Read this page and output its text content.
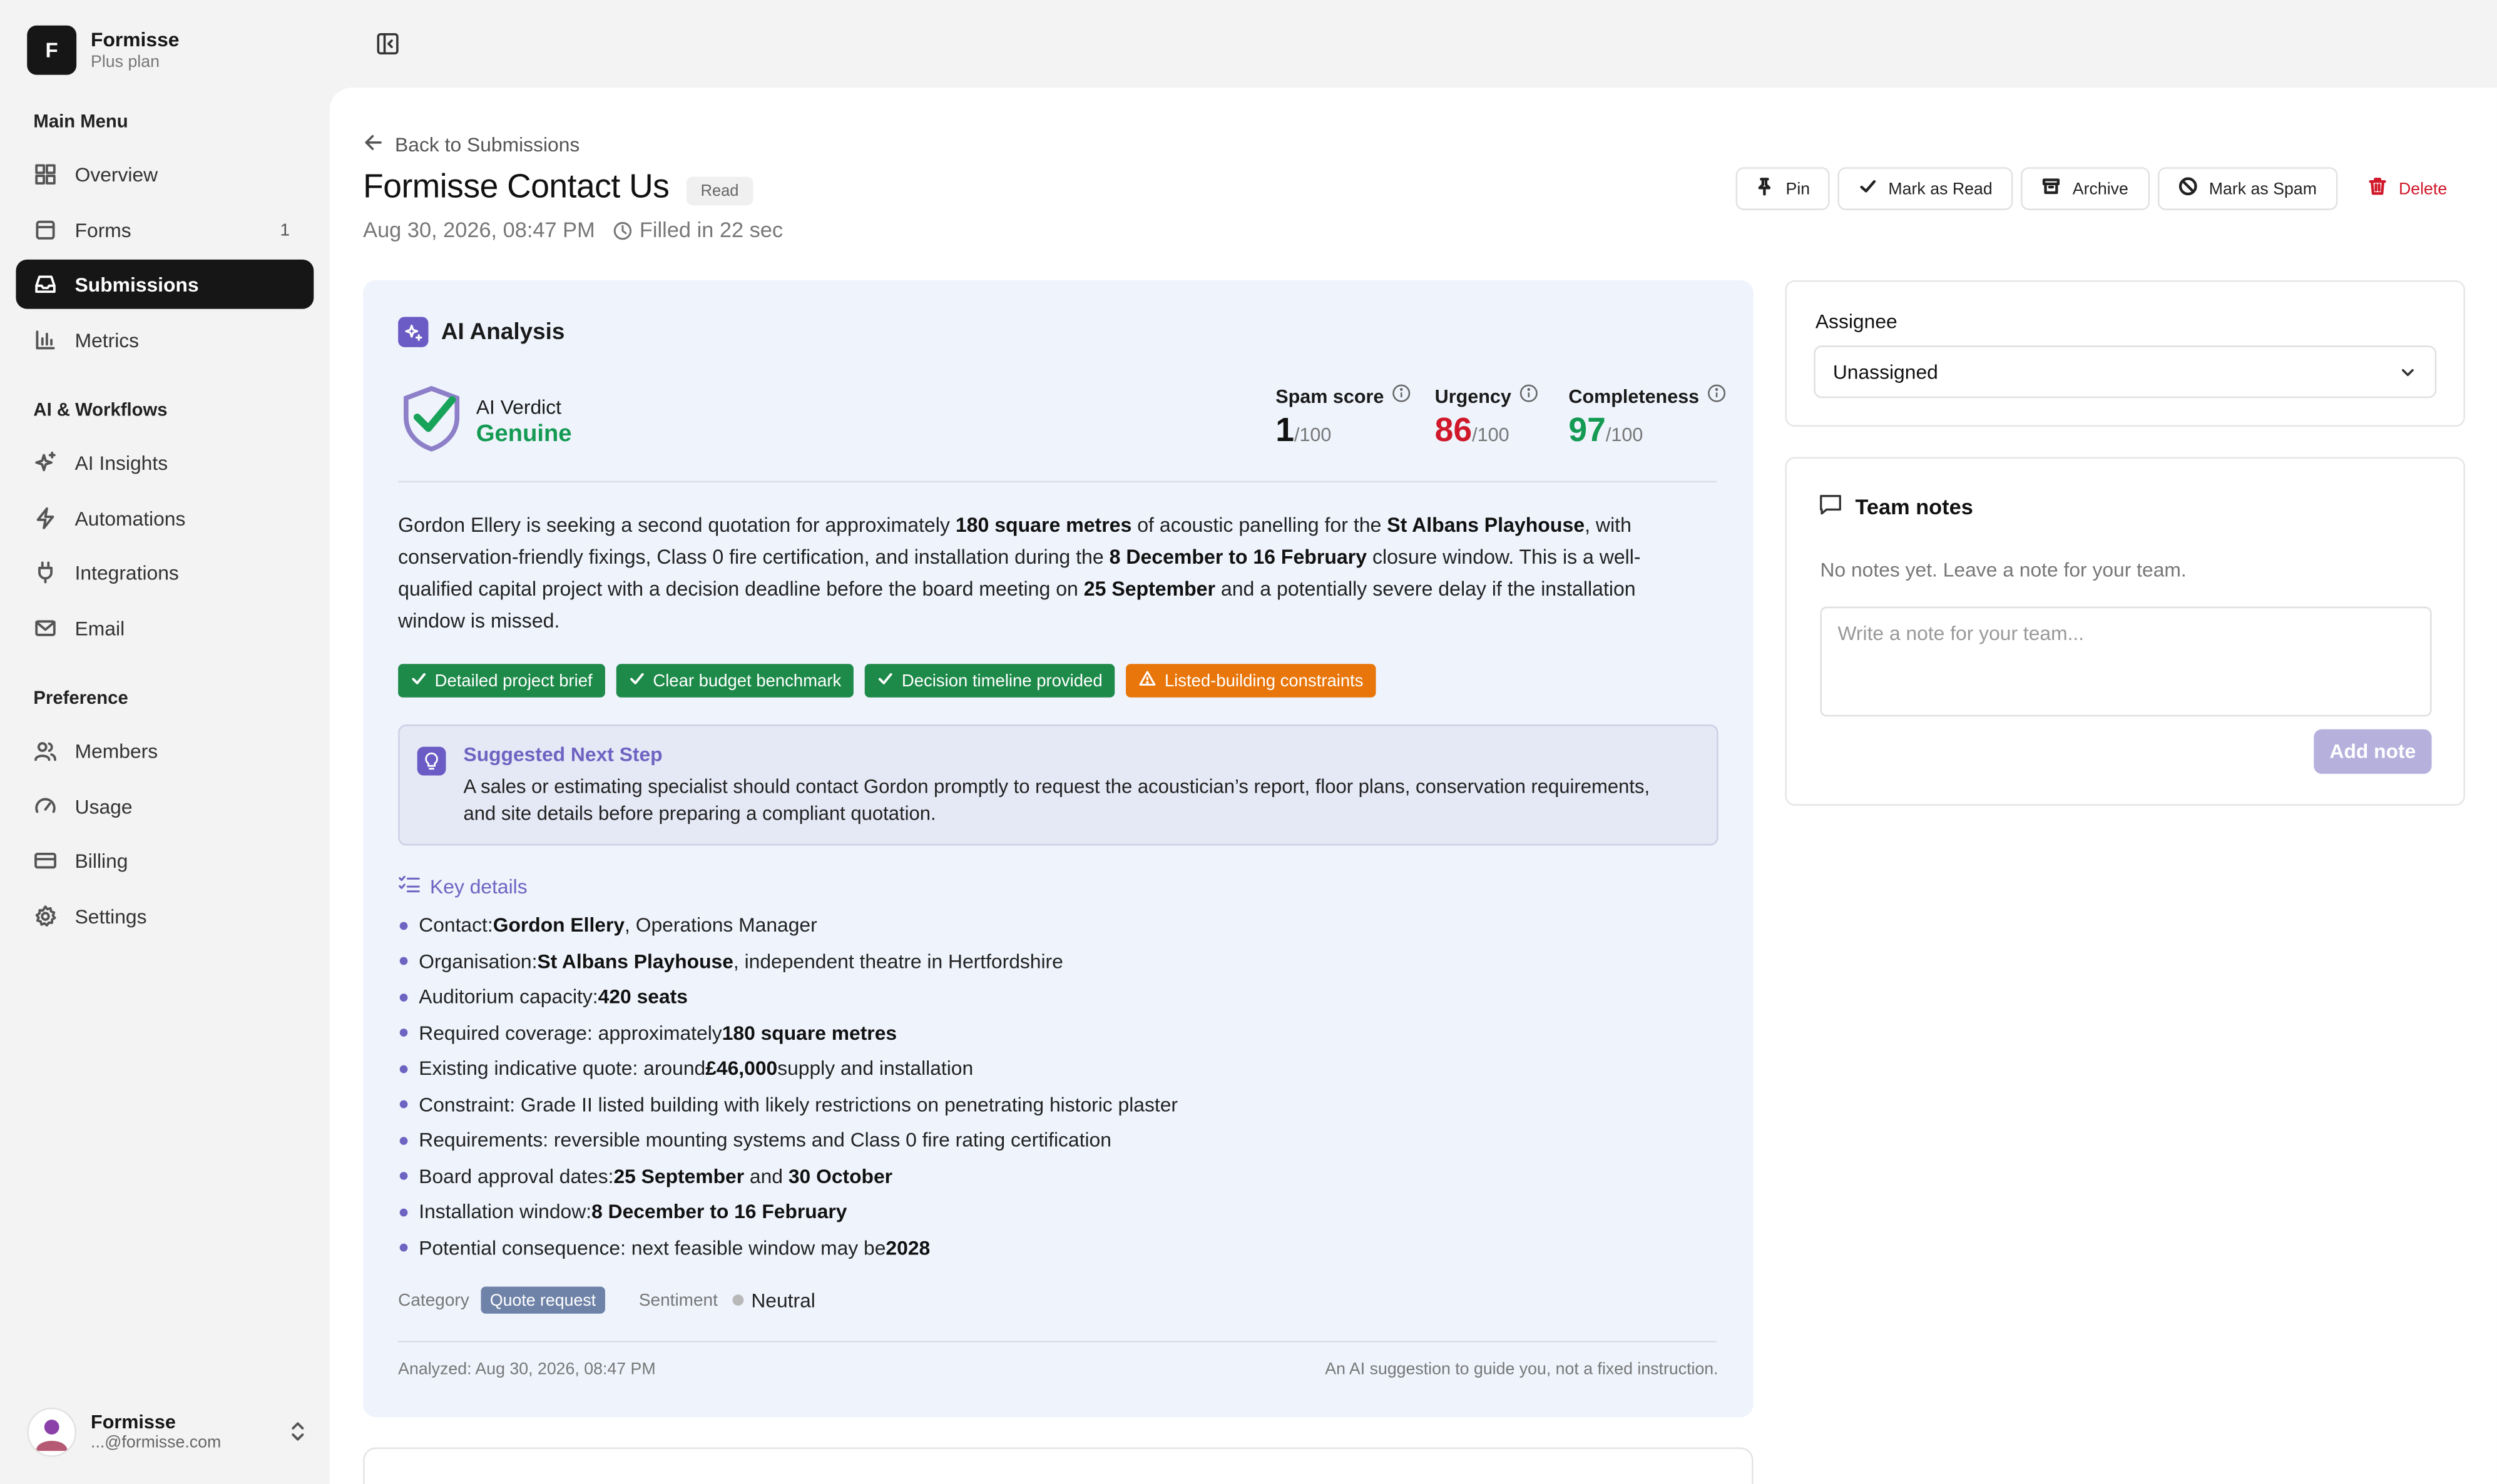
F	Formisse
Plus plan
Main Menu
Overview
Forms	1
Submissions
Metrics
AI & Workflows
AI Insights
Automations
Integrations
Email
Preference
Members
Usage
Billing
Settings
Formisse
...@formisse.com
Back to Submissions
Formisse Contact Us	Read
Aug 30, 2026, 08:47 PM	Filled in 22 sec
Pin	Mark as Read	Archive	Mark as Spam	Delete
AI Analysis
AI Verdict
Genuine
Spam score
1/100
Urgency
86/100
Completeness
97/100

Gordon Ellery is seeking a second quotation for approximately 180 square metres of acoustic panelling for the St Albans Playhouse, with conservation-friendly fixings, Class 0 fire certification, and installation during the 8 December to 16 February closure window. This is a well-qualified capital project with a decision deadline before the board meeting on 25 September and a potentially severe delay if the installation window is missed.

Detailed project brief	Clear budget benchmark	Decision timeline provided	Listed-building constraints
Suggested Next Step
A sales or estimating specialist should contact Gordon promptly to request the acoustician’s report, floor plans, conservation requirements, and site details before preparing a compliant quotation.
Key details
Contact: Gordon Ellery , Operations Manager
Organisation: St Albans Playhouse , independent theatre in Hertfordshire
Auditorium capacity: 420 seats
Required coverage: approximately 180 square metres
Existing indicative quote: around £46,000 supply and installation
Constraint: Grade II listed building with likely restrictions on penetrating historic plaster
Requirements: reversible mounting systems and Class 0 fire rating certification
Board approval dates: 25 September and 30 October
Installation window: 8 December to 16 February
Potential consequence: next feasible window may be 2028
Category	Quote request	Sentiment	Neutral
Analyzed: Aug 30, 2026, 08:47 PM	An AI suggestion to guide you, not a fixed instruction.
Assignee
Unassigned
Team notes
No notes yet. Leave a note for your team.
Write a note for your team...
Add note
